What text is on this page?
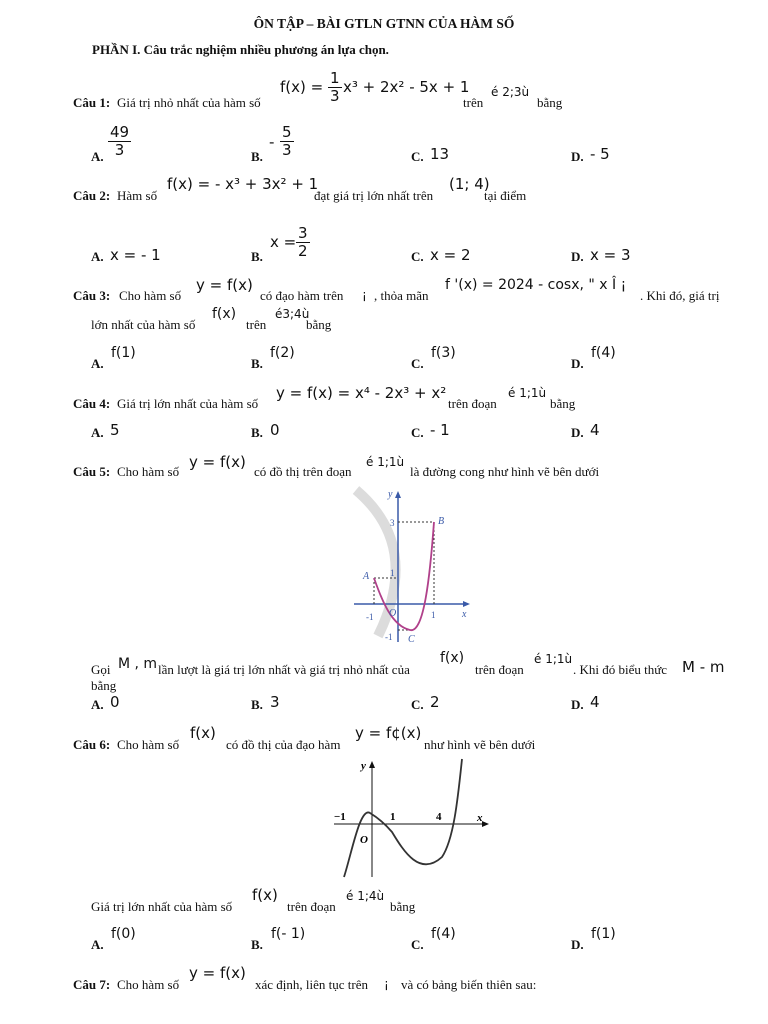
ÔN TẬP – BÀI GTLN GTNN CỦA HÀM SỐ
PHẦN I. Câu trắc nghiệm nhiều phương án lựa chọn.
Câu 1: Giá trị nhỏ nhất của hàm số
$f(x) = \frac{1}{3} x^3 + 2x^2 - 5x + 1$
trên
é 2;3ù
bằng
A. $\frac{49}{3}$	B.
- $\frac{5}{3}$	C. 13	D. - 5
Câu 2: Hàm số
f(x) = - x³ + 3x² + 1
đạt giá trị lớn nhất trên
(1; 4)
tại điểm
A. x = - 1	B.
$x = \frac{3}{2}$	C. x = 2	D. x = 3
Câu 3: Cho hàm số
y = f(x)
có đạo hàm trên ¡ , thỏa mãn
f '(x) = 2024 - cosx, " x Î ¡
. Khi đó, giá trị
lớn nhất của hàm số
f(x)
trên
é3;4ù
bằng
A.
f(1)
B.
f(2)
C.
f(3)
D.
f(4)
Câu 4: Giá trị lớn nhất của hàm số
y = f(x) = x⁴ - 2x³ + x²
trên đoạn
é 1;1ù
bằng
A. 5	B. 0	C. - 1	D. 4
Câu 5: Cho hàm số
y = f(x)
có đồ thị trên đoạn
é 1;1ù
là đường cong như hình vẽ bên dưới
y
x
O
3
1
-1	1
-1
A
B
C
Gọi M , m lần lượt là giá trị lớn nhất và giá trị nhỏ nhất của
f(x)
trên đoạn
é 1;1ù
. Khi đó biểu thức M - m
bằng
A. 0	B. 3	C. 2	D. 4
Câu 6: Cho hàm số
f(x)
có đồ thị của đạo hàm
y = f¢(x)
như hình vẽ bên dưới
y
x
O
−1	1	4
Giá trị lớn nhất của hàm số
f(x)
trên đoạn
é 1;4ù
bằng
A.
f(0)
B.
f(- 1)
C.
f(4)
D.
f(1)
Câu 7: Cho hàm số
y = f(x)
xác định, liên tục trên ¡ và có bảng biến thiên sau:
